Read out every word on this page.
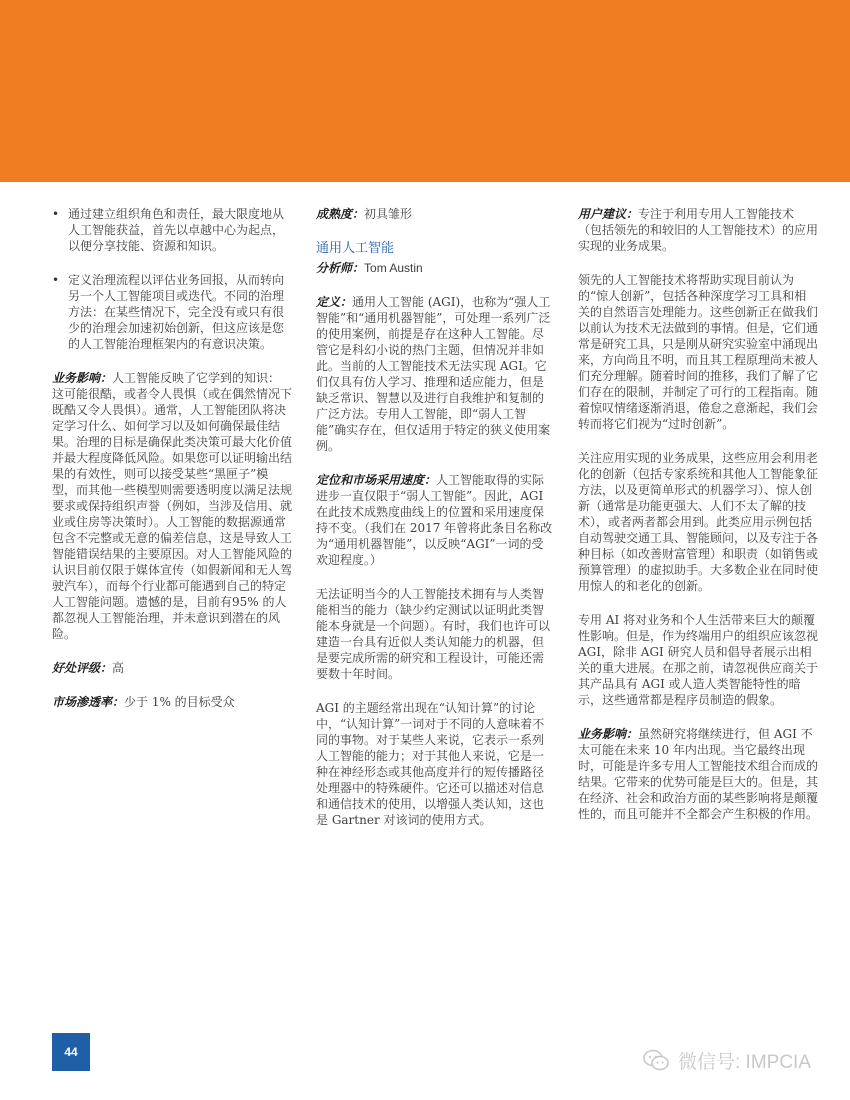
• 通过建立组织角色和责任，最大限度地从人工智能获益，首先以卓越中心为起点，以便分享技能、资源和知识。
• 定义治理流程以评估业务回报，从而转向另一个人工智能项目或迭代。不同的治理方法：在某些情况下，完全没有或只有很少的治理会加速初始创新，但这应该是您的人工智能治理框架内的有意识决策。

业务影响：人工智能反映了它学到的知识：这可能很酷，或者令人畏惧（或在偶然情况下既酷又令人畏惧）。通常，人工智能团队将决定学习什么、如何学习以及如何确保最佳结果。治理的目标是确保此类决策可最大化价值并最大程度降低风险。如果您可以证明输出结果的有效性，则可以接受某些“黑匣子”模型，而其他一些模型则需要透明度以满足法规要求或保持组织声誉（例如，当涉及信用、就业或住房等决策时）。人工智能的数据源通常包含不完整或无意的偏差信息，这是导致人工智能错误结果的主要原因。对人工智能风险的认识目前仅限于媒体宣传（如假新闻和无人驾驶汽车），而每个行业都可能遇到自己的特定人工智能问题。遗憾的是，目前有95% 的人都忽视人工智能治理，并未意识到潜在的风险。

好处评级：高

市场渗透率：少于 1% 的目标受众

成熟度：初具雏形

通用人工智能
分析师：Tom Austin

定义：通用人工智能 (AGI)，也称为“强人工智能”和“通用机器智能”，可处理一系列广泛的使用案例，前提是存在这种人工智能。尽管它是科幻小说的热门主题，但情况并非如此。当前的人工智能技术无法实现 AGI。它们仅具有仿人学习、推理和适应能力，但是缺乏常识、智慧以及进行自我维护和复制的广泛方法。专用人工智能，即“弱人工智能”确实存在，但仅适用于特定的狭义使用案例。

定位和市场采用速度：人工智能取得的实际进步一直仅限于“弱人工智能”。因此，AGI 在此技术成熟度曲线上的位置和采用速度保持不变。（我们在 2017 年曾将此条目名称改为“通用机器智能”，以反映“AGI”一词的受欢迎程度。）

无法证明当今的人工智能技术拥有与人类智能相当的能力（缺少约定测试以证明此类智能本身就是一个问题）。有时，我们也许可以建造一台具有近似人类认知能力的机器，但是要完成所需的研究和工程设计，可能还需要数十年时间。

AGI 的主题经常出现在“认知计算”的讨论中，“认知计算”一词对于不同的人意味着不同的事物。对于某些人来说，它表示一系列人工智能的能力；对于其他人来说，它是一种在神经形态或其他高度并行的短传播路径处理器中的特殊硬件。它还可以描述对信息和通信技术的使用，以增强人类认知，这也是 Gartner 对该词的使用方式。

用户建议：专注于利用专用人工智能技术（包括领先的和较旧的人工智能技术）的应用实现的业务成果。

领先的人工智能技术将帮助实现目前认为的“惊人创新”，包括各种深度学习工具和相关的自然语言处理能力。这些创新正在做我们以前认为技术无法做到的事情。但是，它们通常是研究工具，只是刚从研究实验室中涌现出来，方向尚且不明，而且其工程原理尚未被人们充分理解。随着时间的推移，我们了解了它们存在的限制，并制定了可行的工程指南。随着惊叹情绪逐渐消退，倦怠之意渐起，我们会转而将它们视为“过时创新”。

关注应用实现的业务成果，这些应用会利用老化的创新（包括专家系统和其他人工智能象征方法，以及更简单形式的机器学习）、惊人创新（通常是功能更强大、人们不太了解的技术），或者两者都会用到。此类应用示例包括自动驾驶交通工具、智能顾问，以及专注于各种目标（如改善财富管理）和职责（如销售或预算管理）的虚拟助手。大多数企业在同时使用惊人的和老化的创新。

专用 AI 将对业务和个人生活带来巨大的颠覆性影响。但是，作为终端用户的组织应该忽视 AGI，除非 AGI 研究人员和倡导者展示出相关的重大进展。在那之前，请忽视供应商关于其产品具有 AGI 或人造人类智能特性的暗示，这些通常都是程序员制造的假象。

业务影响：虽然研究将继续进行，但 AGI 不太可能在未来 10 年内出现。当它最终出现时，可能是许多专用人工智能技术组合而成的结果。它带来的优势可能是巨大的。但是，其在经济、社会和政治方面的某些影响将是颠覆性的，而且可能并不全都会产生积极的作用。

44	微信号: IMPCIA
